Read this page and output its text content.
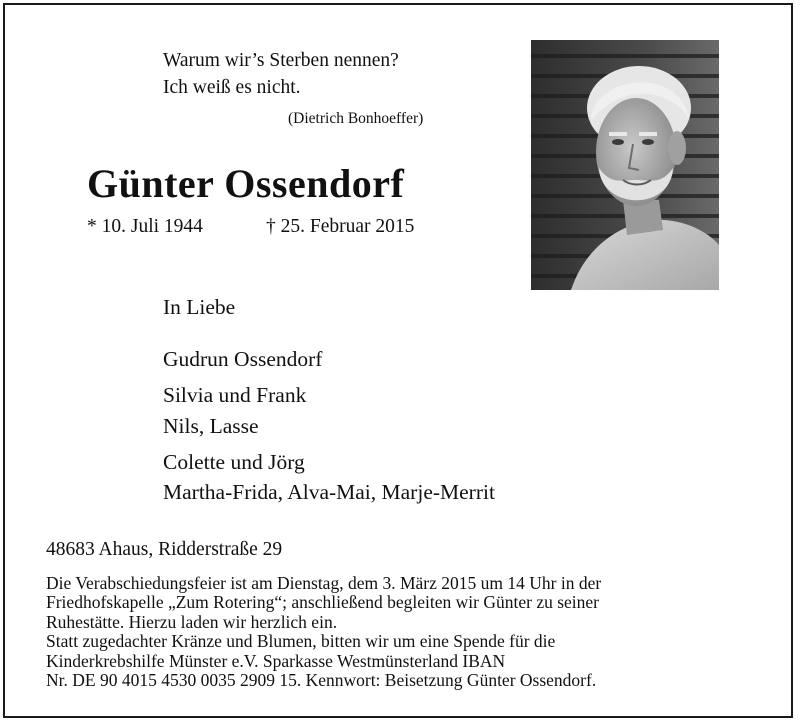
Warum wir’s Sterben nennen?
Ich weiß es nicht.
(Dietrich Bonhoeffer)
Günter Ossendorf
* 10. Juli 1944	† 25. Februar 2015
In Liebe
Gudrun Ossendorf
Silvia und Frank
Nils, Lasse
Colette und Jörg
Martha-Frida, Alva-Mai, Marje-Merrit
48683 Ahaus, Ridderstraße 29
Die Verabschiedungsfeier ist am Dienstag, dem 3. März 2015 um 14 Uhr in der
Friedhofskapelle „Zum Rotering“; anschließend begleiten wir Günter zu seiner
Ruhestätte. Hierzu laden wir herzlich ein.
Statt zugedachter Kränze und Blumen, bitten wir um eine Spende für die
Kinderkrebshilfe Münster e.V. Sparkasse Westmünsterland IBAN
Nr. DE 90 4015 4530 0035 2909 15. Kennwort: Beisetzung Günter Ossendorf.
